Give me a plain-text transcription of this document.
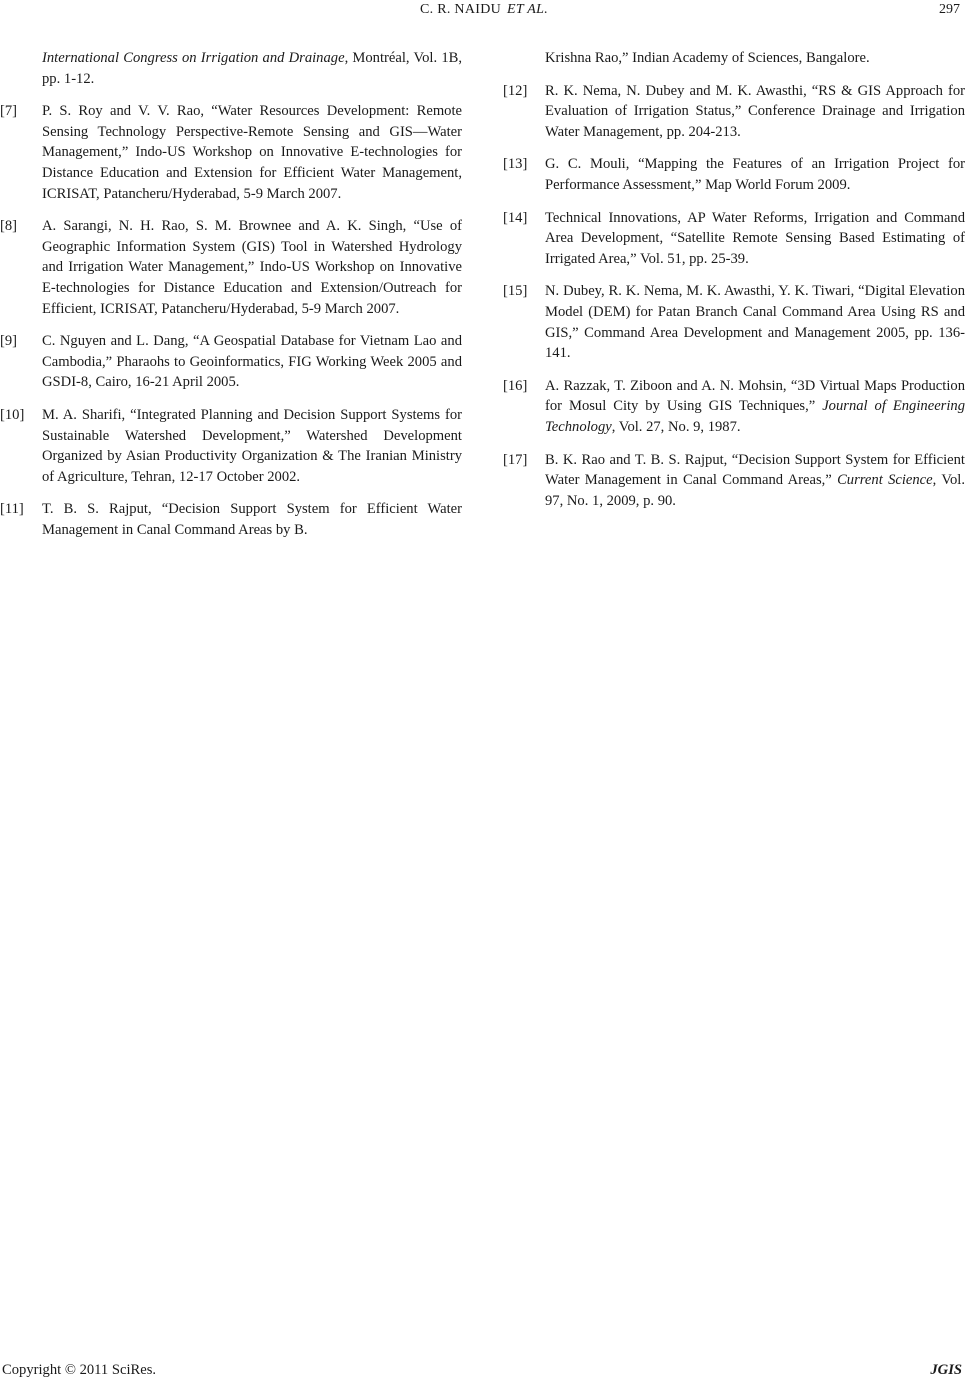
C. R. NAIDU ET AL.	297

International Congress on Irrigation and Drainage, Montréal, Vol. 1B, pp. 1-12.

[7] P. S. Roy and V. V. Rao, “Water Resources Development: Remote Sensing Technology Perspective-Remote Sensing and GIS—Water Management,” Indo-US Workshop on Innovative E-technologies for Distance Education and Extension for Efficient Water Management, ICRISAT, Patancheru/Hyderabad, 5-9 March 2007.
[8] A. Sarangi, N. H. Rao, S. M. Brownee and A. K. Singh, “Use of Geographic Information System (GIS) Tool in Watershed Hydrology and Irrigation Water Management,” Indo-US Workshop on Innovative E-technologies for Distance Education and Extension/Outreach for Efficient, ICRISAT, Patancheru/Hyderabad, 5-9 March 2007.
[9] C. Nguyen and L. Dang, “A Geospatial Database for Vietnam Lao and Cambodia,” Pharaohs to Geoinformatics, FIG Working Week 2005 and GSDI-8, Cairo, 16-21 April 2005.
[10] M. A. Sharifi, “Integrated Planning and Decision Support Systems for Sustainable Watershed Development,” Watershed Development Organized by Asian Productivity Organization & The Iranian Ministry of Agriculture, Tehran, 12-17 October 2002.
[11] T. B. S. Rajput, “Decision Support System for Efficient Water Management in Canal Command Areas by B.

Krishna Rao,” Indian Academy of Sciences, Bangalore.

[12] R. K. Nema, N. Dubey and M. K. Awasthi, “RS & GIS Approach for Evaluation of Irrigation Status,” Conference Drainage and Irrigation Water Management, pp. 204-213.
[13] G. C. Mouli, “Mapping the Features of an Irrigation Project for Performance Assessment,” Map World Forum 2009.
[14] Technical Innovations, AP Water Reforms, Irrigation and Command Area Development, “Satellite Remote Sensing Based Estimating of Irrigated Area,” Vol. 51, pp. 25-39.
[15] N. Dubey, R. K. Nema, M. K. Awasthi, Y. K. Tiwari, “Digital Elevation Model (DEM) for Patan Branch Canal Command Area Using RS and GIS,” Command Area Development and Management 2005, pp. 136-141.
[16] A. Razzak, T. Ziboon and A. N. Mohsin, “3D Virtual Maps Production for Mosul City by Using GIS Techniques,” Journal of Engineering Technology, Vol. 27, No. 9, 1987.
[17] B. K. Rao and T. B. S. Rajput, “Decision Support System for Efficient Water Management in Canal Command Areas,” Current Science, Vol. 97, No. 1, 2009, p. 90.
Copyright © 2011 SciRes.	JGIS
